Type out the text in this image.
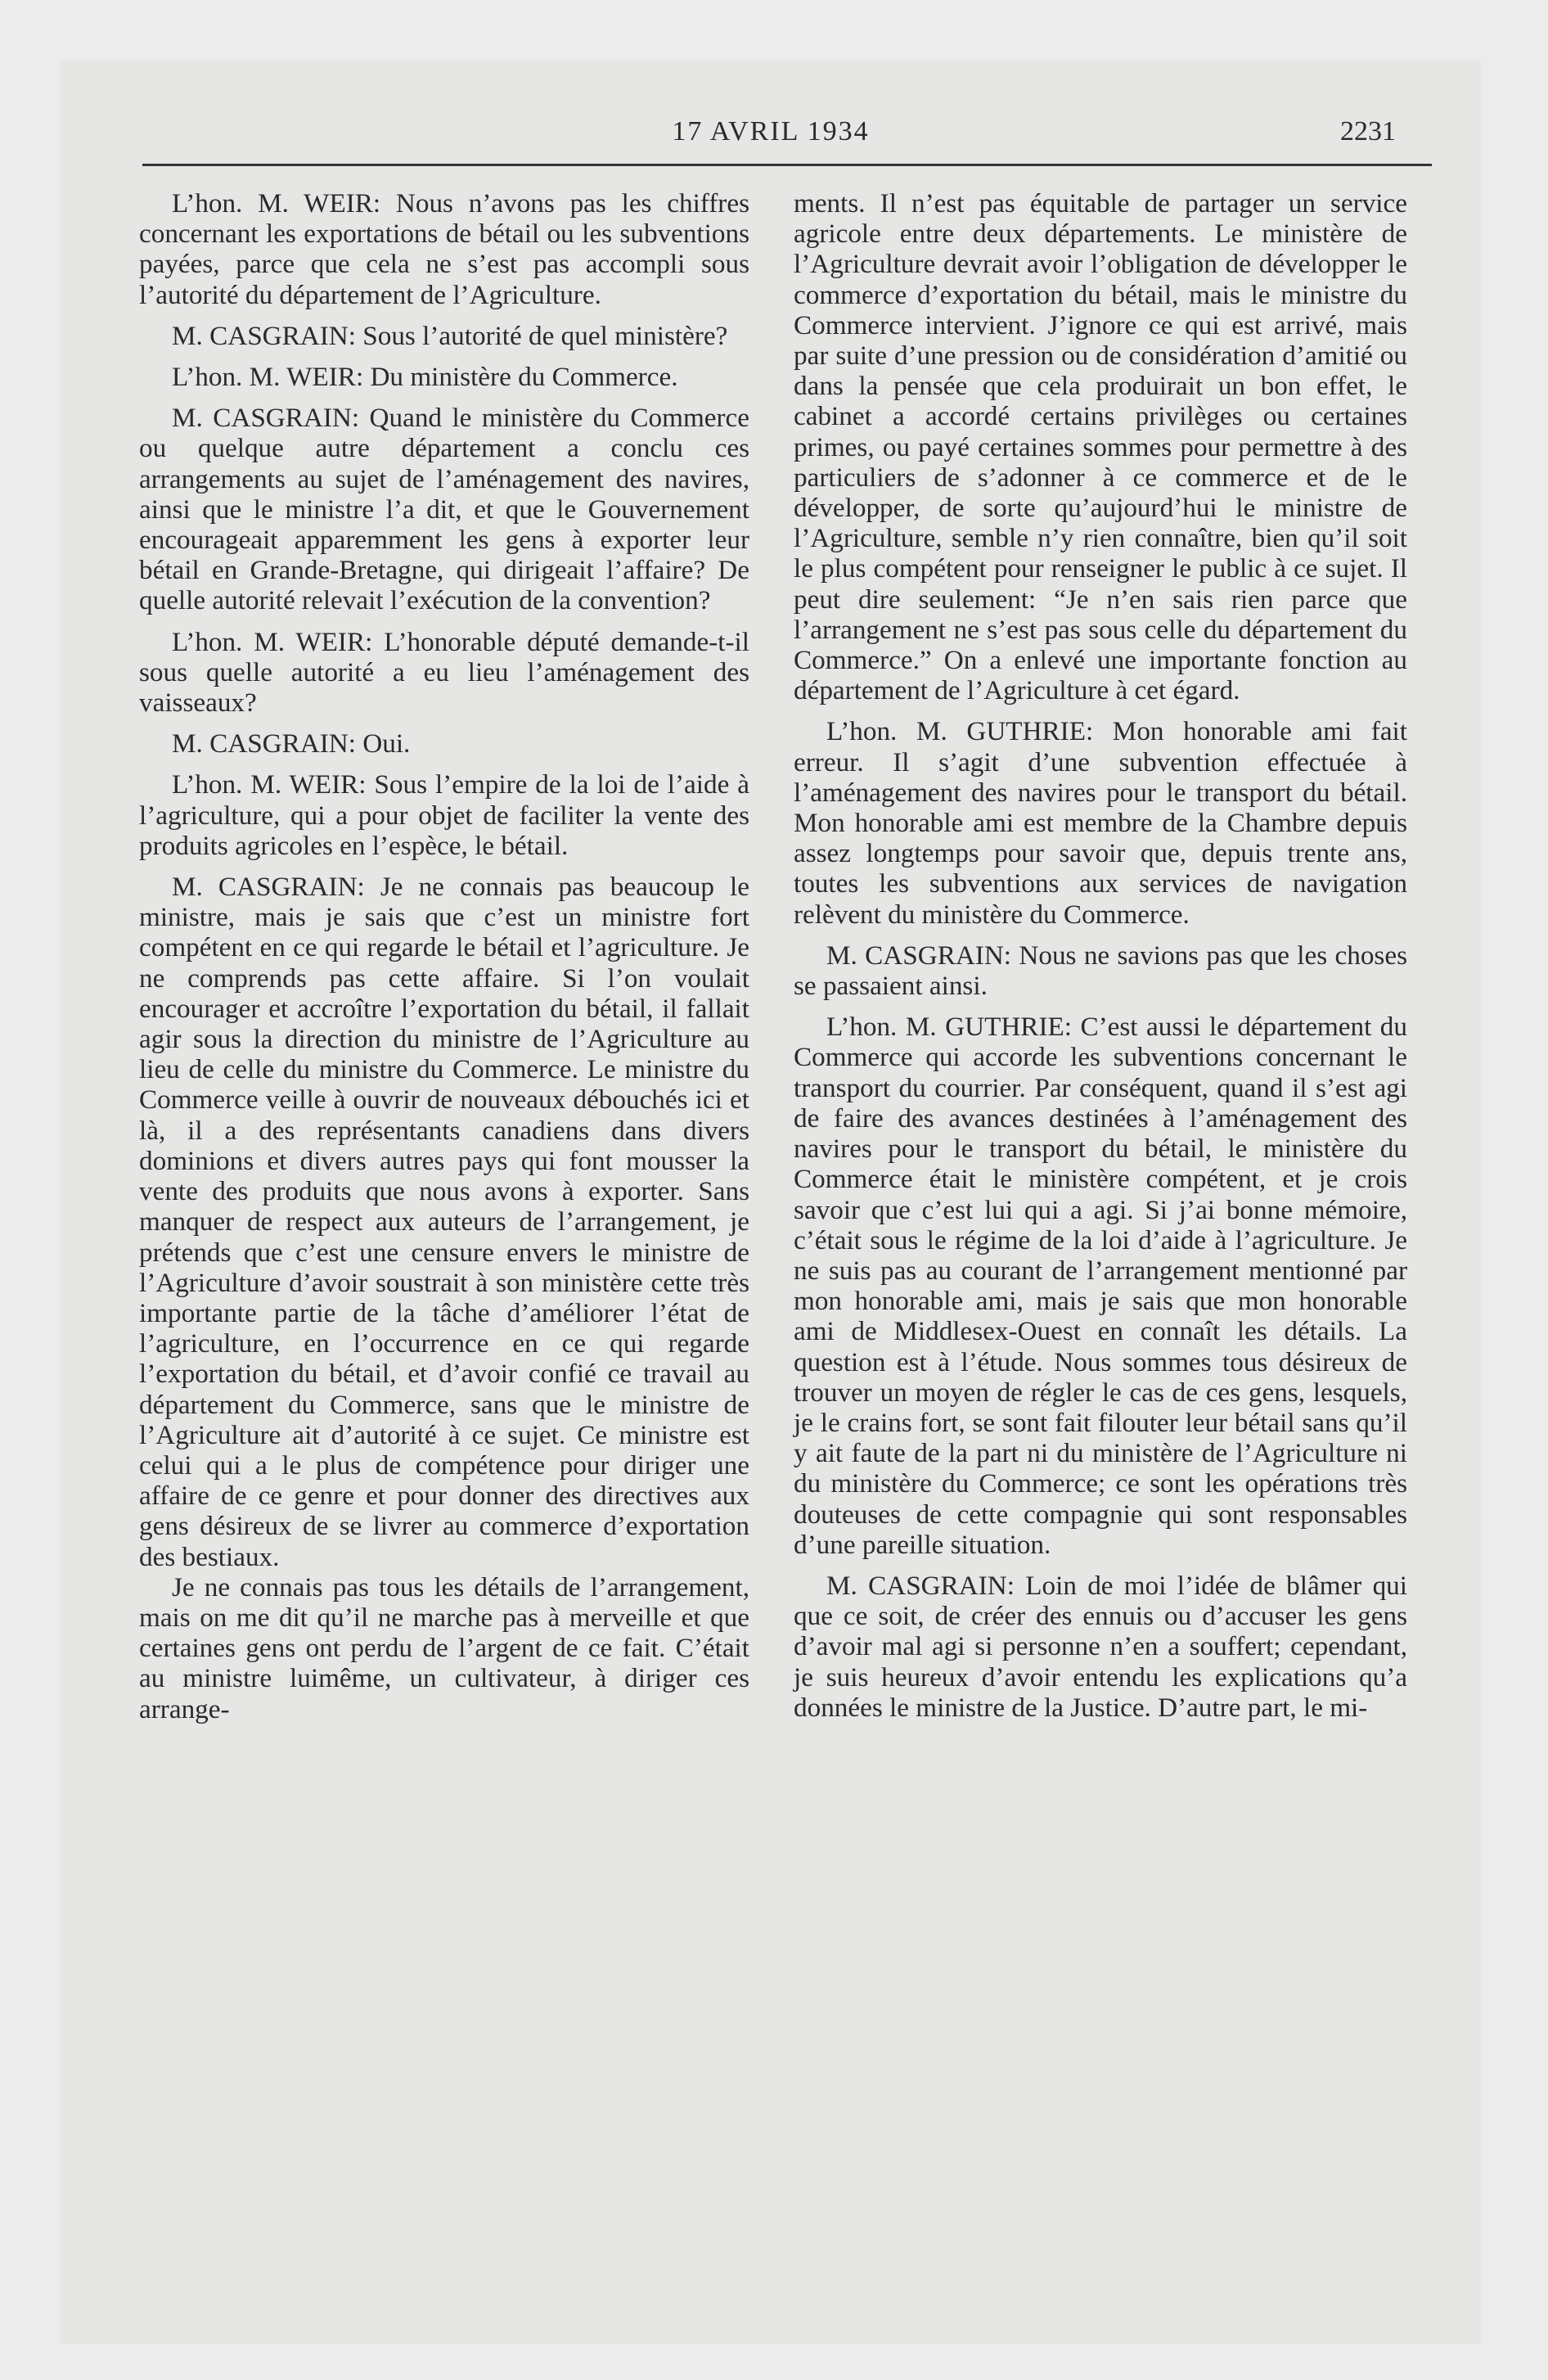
17 AVRIL 1934	2231

L’hon. M. WEIR: Nous n’avons pas les chiffres concernant les exportations de bétail ou les subventions payées, parce que cela ne s’est pas accompli sous l’autorité du département de l’Agriculture.

M. CASGRAIN: Sous l’autorité de quel ministère?

L’hon. M. WEIR: Du ministère du Commerce.

M. CASGRAIN: Quand le ministère du Commerce ou quelque autre département a conclu ces arrangements au sujet de l’aménagement des navires, ainsi que le ministre l’a dit, et que le Gouvernement encourageait apparemment les gens à exporter leur bétail en Grande-Bretagne, qui dirigeait l’affaire? De quelle autorité relevait l’exécution de la convention?

L’hon. M. WEIR: L’honorable député demande-t-il sous quelle autorité a eu lieu l’aménagement des vaisseaux?

M. CASGRAIN: Oui.

L’hon. M. WEIR: Sous l’empire de la loi de l’aide à l’agriculture, qui a pour objet de faciliter la vente des produits agricoles en l’espèce, le bétail.

M. CASGRAIN: Je ne connais pas beaucoup le ministre, mais je sais que c’est un ministre fort compétent en ce qui regarde le bétail et l’agriculture. Je ne comprends pas cette affaire. Si l’on voulait encourager et accroître l’exportation du bétail, il fallait agir sous la direction du ministre de l’Agriculture au lieu de celle du ministre du Commerce. Le ministre du Commerce veille à ouvrir de nouveaux débouchés ici et là, il a des représentants canadiens dans divers dominions et divers autres pays qui font mousser la vente des produits que nous avons à exporter. Sans manquer de respect aux auteurs de l’arrangement, je prétends que c’est une censure envers le ministre de l’Agriculture d’avoir soustrait à son ministère cette très importante partie de la tâche d’améliorer l’état de l’agriculture, en l’occurrence en ce qui regarde l’exportation du bétail, et d’avoir confié ce travail au département du Commerce, sans que le ministre de l’Agriculture ait d’autorité à ce sujet. Ce ministre est celui qui a le plus de compétence pour diriger une affaire de ce genre et pour donner des directives aux gens désireux de se livrer au commerce d’exportation des bestiaux.

Je ne connais pas tous les détails de l’arrangement, mais on me dit qu’il ne marche pas à merveille et que certaines gens ont perdu de l’argent de ce fait. C’était au ministre luimême, un cultivateur, à diriger ces arrange-

ments. Il n’est pas équitable de partager un service agricole entre deux départements. Le ministère de l’Agriculture devrait avoir l’obligation de développer le commerce d’exportation du bétail, mais le ministre du Commerce intervient. J’ignore ce qui est arrivé, mais par suite d’une pression ou de considération d’amitié ou dans la pensée que cela produirait un bon effet, le cabinet a accordé certains privilèges ou certaines primes, ou payé certaines sommes pour permettre à des particuliers de s’adonner à ce commerce et de le développer, de sorte qu’aujourd’hui le ministre de l’Agriculture, semble n’y rien connaître, bien qu’il soit le plus compétent pour renseigner le public à ce sujet. Il peut dire seulement: “Je n’en sais rien parce que l’arrangement ne s’est pas sous celle du département du Commerce.” On a enlevé une importante fonction au département de l’Agriculture à cet égard.

L’hon. M. GUTHRIE: Mon honorable ami fait erreur. Il s’agit d’une subvention effectuée à l’aménagement des navires pour le transport du bétail. Mon honorable ami est membre de la Chambre depuis assez longtemps pour savoir que, depuis trente ans, toutes les subventions aux services de navigation relèvent du ministère du Commerce.

M. CASGRAIN: Nous ne savions pas que les choses se passaient ainsi.

L’hon. M. GUTHRIE: C’est aussi le département du Commerce qui accorde les subventions concernant le transport du courrier. Par conséquent, quand il s’est agi de faire des avances destinées à l’aménagement des navires pour le transport du bétail, le ministère du Commerce était le ministère compétent, et je crois savoir que c’est lui qui a agi. Si j’ai bonne mémoire, c’était sous le régime de la loi d’aide à l’agriculture. Je ne suis pas au courant de l’arrangement mentionné par mon honorable ami, mais je sais que mon honorable ami de Middlesex-Ouest en connaît les détails. La question est à l’étude. Nous sommes tous désireux de trouver un moyen de régler le cas de ces gens, lesquels, je le crains fort, se sont fait filouter leur bétail sans qu’il y ait faute de la part ni du ministère de l’Agriculture ni du ministère du Commerce; ce sont les opérations très douteuses de cette compagnie qui sont responsables d’une pareille situation.

M. CASGRAIN: Loin de moi l’idée de blâmer qui que ce soit, de créer des ennuis ou d’accuser les gens d’avoir mal agi si personne n’en a souffert; cependant, je suis heureux d’avoir entendu les explications qu’a données le ministre de la Justice. D’autre part, le mi-
